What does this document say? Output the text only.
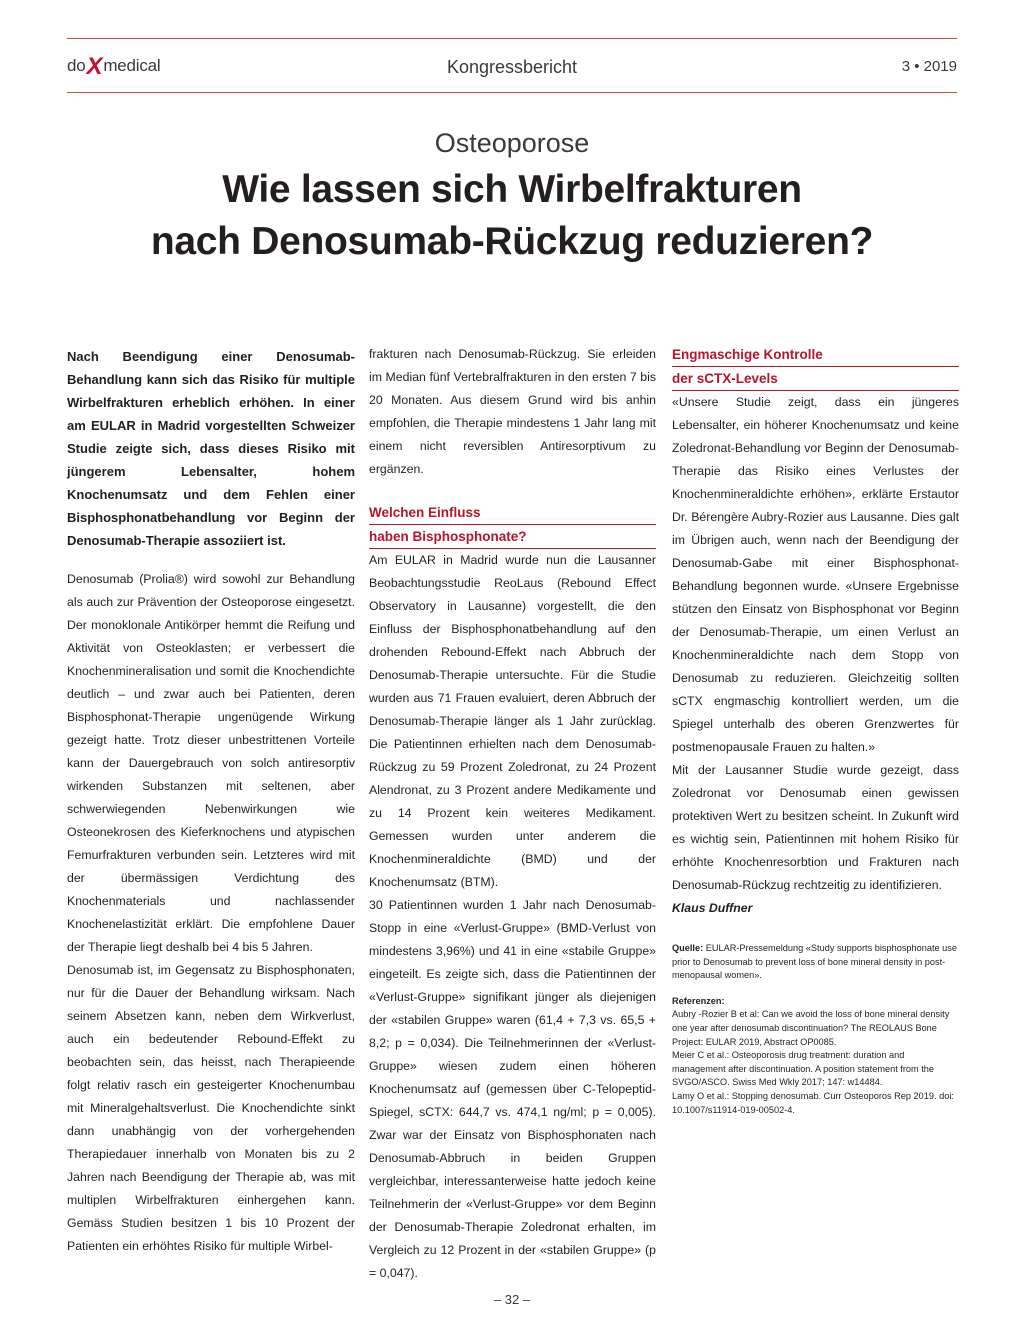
doXmedical	Kongressbericht	3 • 2019
Osteoporose
Wie lassen sich Wirbelfrakturen
nach Denosumab-Rückzug reduzieren?

Nach Beendigung einer Denosumab-Behandlung kann sich das Risiko für multiple Wirbelfrakturen erheblich erhöhen. In einer am EULAR in Madrid vorgestellten Schweizer Studie zeigte sich, dass dieses Risiko mit jüngerem Lebensalter, hohem Knochenumsatz und dem Fehlen einer Bisphosphonatbehandlung vor Beginn der Denosumab-Therapie assoziiert ist.

Denosumab (Prolia®) wird sowohl zur Behandlung als auch zur Prävention der Osteoporose eingesetzt. Der monoklonale Antikörper hemmt die Reifung und Aktivität von Osteoklasten; er verbessert die Knochenmineralisation und somit die Knochendichte deutlich – und zwar auch bei Patienten, deren Bisphosphonat-Therapie ungenügende Wirkung gezeigt hatte. Trotz dieser unbestrittenen Vorteile kann der Dauergebrauch von solch antiresorptiv wirkenden Substanzen mit seltenen, aber schwerwiegenden Nebenwirkungen wie Osteonekrosen des Kieferknochens und atypischen Femurfrakturen verbunden sein. Letzteres wird mit der übermässigen Verdichtung des Knochenmaterials und nachlassender Knochenelastizität erklärt. Die empfohlene Dauer der Therapie liegt deshalb bei 4 bis 5 Jahren.

Denosumab ist, im Gegensatz zu Bisphosphonaten, nur für die Dauer der Behandlung wirksam. Nach seinem Absetzen kann, neben dem Wirkverlust, auch ein bedeutender Rebound-Effekt zu beobachten sein, das heisst, nach Therapieende folgt relativ rasch ein gesteigerter Knochenumbau mit Mineralgehaltsverlust. Die Knochendichte sinkt dann unabhängig von der vorhergehenden Therapiedauer innerhalb von Monaten bis zu 2 Jahren nach Beendigung der Therapie ab, was mit multiplen Wirbelfrakturen einhergehen kann. Gemäss Studien besitzen 1 bis 10 Prozent der Patienten ein erhöhtes Risiko für multiple Wirbel-

frakturen nach Denosumab-Rückzug. Sie erleiden im Median fünf Vertebralfrakturen in den ersten 7 bis 20 Monaten. Aus diesem Grund wird bis anhin empfohlen, die Therapie mindestens 1 Jahr lang mit einem nicht reversiblen Antiresorptivum zu ergänzen.

Welchen Einfluss
haben Bisphosphonate?

Am EULAR in Madrid wurde nun die Lausanner Beobachtungsstudie ReoLaus (Rebound Effect Observatory in Lausanne) vorgestellt, die den Einfluss der Bisphosphonatbehandlung auf den drohenden Rebound-Effekt nach Abbruch der Denosumab-Therapie untersuchte. Für die Studie wurden aus 71 Frauen evaluiert, deren Abbruch der Denosumab-Therapie länger als 1 Jahr zurücklag. Die Patientinnen erhielten nach dem Denosumab-Rückzug zu 59 Prozent Zoledronat, zu 24 Prozent Alendronat, zu 3 Prozent andere Medikamente und zu 14 Prozent kein weiteres Medikament. Gemessen wurden unter anderem die Knochenmineraldichte (BMD) und der Knochenumsatz (BTM).

30 Patientinnen wurden 1 Jahr nach Denosumab-Stopp in eine «Verlust-Gruppe» (BMD-Verlust von mindestens 3,96%) und 41 in eine «stabile Gruppe» eingeteilt. Es zeigte sich, dass die Patientinnen der «Verlust-Gruppe» signifikant jünger als diejenigen der «stabilen Gruppe» waren (61,4 + 7,3 vs. 65,5 + 8,2; p = 0,034). Die Teilnehmerinnen der «Verlust-Gruppe» wiesen zudem einen höheren Knochenumsatz auf (gemessen über C-Telopeptid-Spiegel, sCTX: 644,7 vs. 474,1 ng/ml; p = 0,005). Zwar war der Einsatz von Bisphosphonaten nach Denosumab-Abbruch in beiden Gruppen vergleichbar, interessanterweise hatte jedoch keine Teilnehmerin der «Verlust-Gruppe» vor dem Beginn der Denosumab-Therapie Zoledronat erhalten, im Vergleich zu 12 Prozent in der «stabilen Gruppe» (p = 0,047).

Engmaschige Kontrolle
der sCTX-Levels

«Unsere Studie zeigt, dass ein jüngeres Lebensalter, ein höherer Knochenumsatz und keine Zoledronat-Behandlung vor Beginn der Denosumab-Therapie das Risiko eines Verlustes der Knochenmineraldichte erhöhen», erklärte Erstautor Dr. Bérengère Aubry-Rozier aus Lausanne. Dies galt im Übrigen auch, wenn nach der Beendigung der Denosumab-Gabe mit einer Bisphosphonat-Behandlung begonnen wurde. «Unsere Ergebnisse stützen den Einsatz von Bisphosphonat vor Beginn der Denosumab-Therapie, um einen Verlust an Knochenmineraldichte nach dem Stopp von Denosumab zu reduzieren. Gleichzeitig sollten sCTX engmaschig kontrolliert werden, um die Spiegel unterhalb des oberen Grenzwertes für postmenopausale Frauen zu halten.»

Mit der Lausanner Studie wurde gezeigt, dass Zoledronat vor Denosumab einen gewissen protektiven Wert zu besitzen scheint. In Zukunft wird es wichtig sein, Patientinnen mit hohem Risiko für erhöhte Knochenresorbtion und Frakturen nach Denosumab-Rückzug rechtzeitig zu identifizieren.

Klaus Duffner

Quelle: EULAR-Pressemeldung «Study supports bisphosphonate use prior to Denosumab to prevent loss of bone mineral density in post-menopausal women».

Referenzen:

Aubry -Rozier B et al: Can we avoid the loss of bone mineral density one year after denosumab discontinuation? The REOLAUS Bone Project: EULAR 2019, Abstract OP0085.

Meier C et al.: Osteoporosis drug treatment: duration and management after discontinuation. A position statement from the SVGO/ASCO. Swiss Med Wkly 2017; 147: w14484.

Lamy O et al.: Stopping denosumab. Curr Osteoporos Rep 2019. doi: 10.1007/s11914-019-00502-4.

– 32 –
